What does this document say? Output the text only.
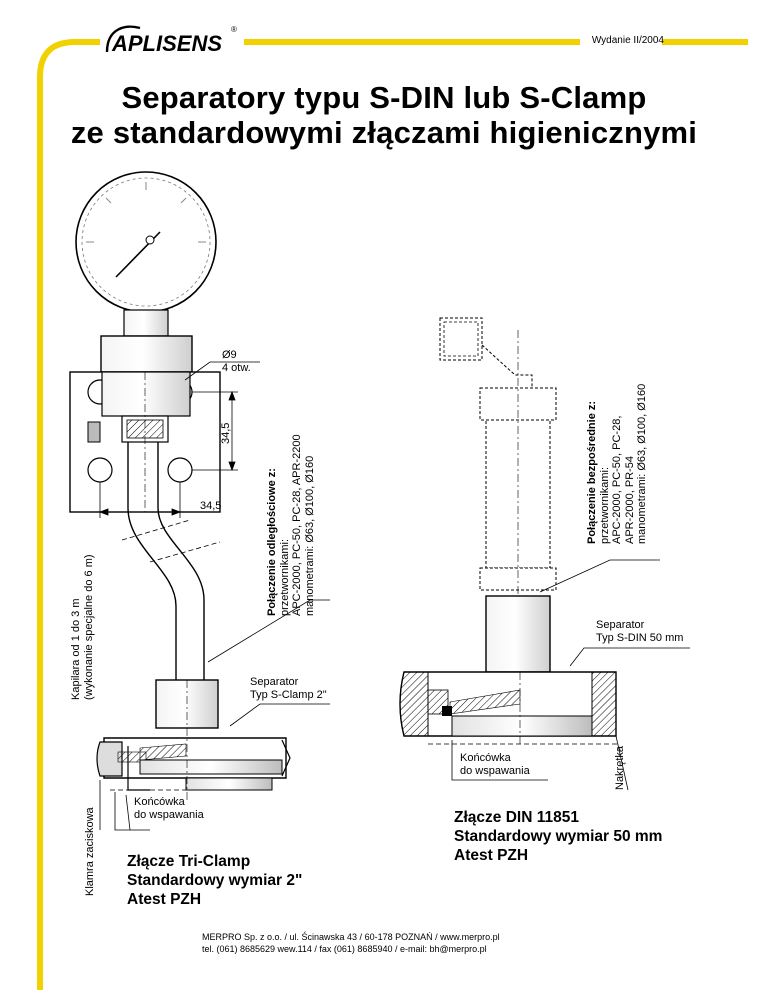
APLISENS
®
Wydanie II/2004
Separatory typu S-DIN lub S-Clamp
ze standardowymi złączami higienicznymi
Ø9
4 otw.
34,5
34,5	Połączenie odległościowe z: przetwornikami: APC-2000, PC-50, PC-28, APR-2200 manometrami: Ø63, Ø100, Ø160
Kapilara od 1 do 3 m (wykonanie specjalne do 6 m)	Separator
Typ S-Clamp 2"
Klamra zaciskowa
Końcówka
do wspawania
Złącze Tri-Clamp
Standardowy wymiar 2"
Atest PZH
Połączenie bezpośrednie z: przetwornikami: APC-2000, PC-50, PC-28, APR-2000, PR-54 manometrami: Ø63, Ø100, Ø160
Separator
Typ S-DIN 50 mm
Nakrętka
Końcówka
do wspawania
Złącze DIN 11851
Standardowy wymiar 50 mm
Atest PZH
MERPRO Sp. z o.o. / ul. Ścinawska 43 / 60-178 POZNAŃ / www.merpro.pl
tel. (061) 8685629 wew.114 / fax (061) 8685940 / e-mail: bh@merpro.pl
